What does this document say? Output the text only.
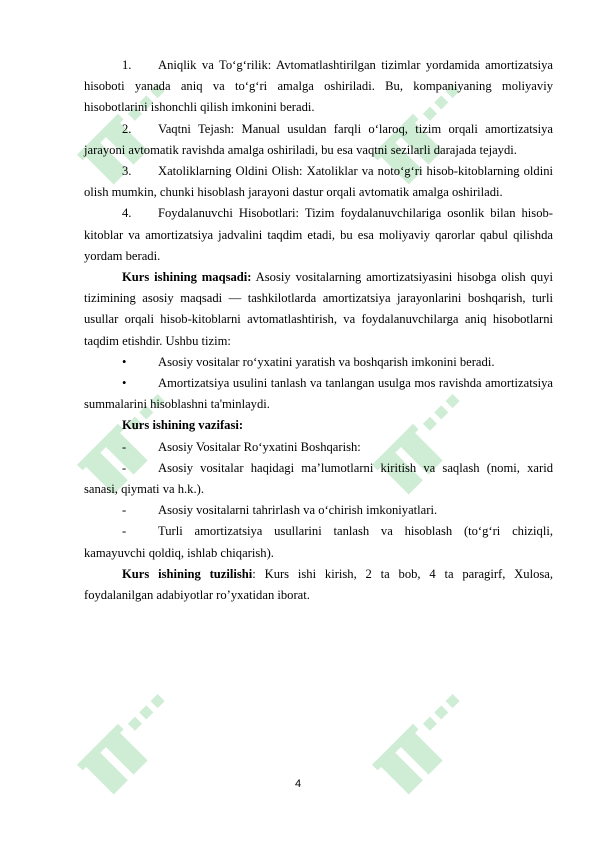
1. Aniqlik va To‘g‘rilik: Avtomatlashtirilgan tizimlar yordamida amortizatsiya hisoboti yanada aniq va to‘g‘ri amalga oshiriladi. Bu, kompaniyaning moliyaviy hisobotlarini ishonchli qilish imkonini beradi.

2. Vaqtni Tejash: Manual usuldan farqli o‘laroq, tizim orqali amortizatsiya jarayoni avtomatik ravishda amalga oshiriladi, bu esa vaqtni sezilarli darajada tejaydi.

3. Xatoliklarning Oldini Olish: Xatoliklar va noto‘g‘ri hisob-kitoblarning oldini olish mumkin, chunki hisoblash jarayoni dastur orqali avtomatik amalga oshiriladi.

4. Foydalanuvchi Hisobotlari: Tizim foydalanuvchilariga osonlik bilan hisob-kitoblar va amortizatsiya jadvalini taqdim etadi, bu esa moliyaviy qarorlar qabul qilishda yordam beradi.

Kurs ishining maqsadi: Asosiy vositalarning amortizatsiyasini hisobga olish quyi tizimining asosiy maqsadi — tashkilotlarda amortizatsiya jarayonlarini boshqarish, turli usullar orqali hisob-kitoblarni avtomatlashtirish, va foydalanuvchilarga aniq hisobotlarni taqdim etishdir. Ushbu tizim:

•	Asosiy vositalar ro‘yxatini yaratish va boshqarish imkonini beradi.

•	Amortizatsiya usulini tanlash va tanlangan usulga mos ravishda amortizatsiya summalarini hisoblashni ta'minlaydi.

Kurs ishining vazifasi:

-	Asosiy Vositalar Ro‘yxatini Boshqarish:

-	Asosiy vositalar haqidagi ma’lumotlarni kiritish va saqlash (nomi, xarid sanasi, qiymati va h.k.).

-	Asosiy vositalarni tahrirlash va o‘chirish imkoniyatlari.

-	Turli amortizatsiya usullarini tanlash va hisoblash (to‘g‘ri chiziqli, kamayuvchi qoldiq, ishlab chiqarish).

Kurs ishining tuzilishi: Kurs ishi kirish, 2 ta bob, 4 ta paragirf, Xulosa, foydalanilgan adabiyotlar ro’yxatidan iborat.

4
